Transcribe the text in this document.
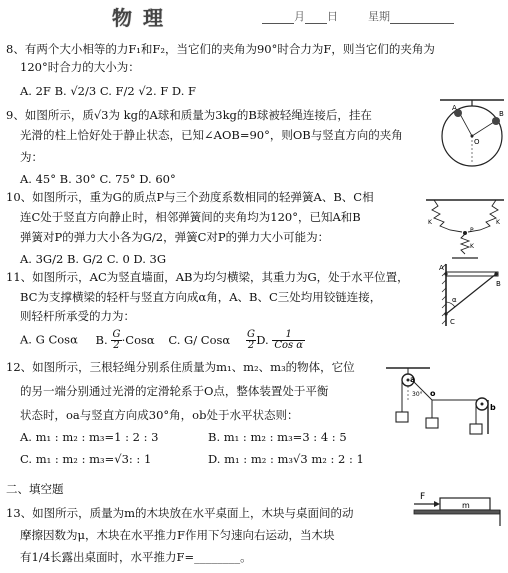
物 理	月 日	星期
8、有两个大小相等的力F₁和F₂，当它们的夹角为90°时合力为F，则当它们的夹角为
120°时合力的大小为：
A. 2F B. √2/3 C. F/2 √2. F D. F
9、如图所示，质√3为 kg的A球和质量为3kg的B球被轻绳连接后，挂在
光滑的柱上恰好处于静止状态，已知∠AOB=90°，则OB与竖直方向的夹角
为：
A. 45° B. 30° C. 75° D. 60°
A
B
O
10、如图所示，重为G的质点P与三个劲度系数相同的轻弹簧A、B、C相
连C处于竖直方向静止时，相邻弹簧间的夹角均为120°，已知A和B
弹簧对P的弹力大小各为G/2，弹簧C对P的弹力大小可能为：
A. 3G/2 B. G/2 C. 0 D. 3G
K	K
K
P
11、如图所示，AC为竖直墙面，AB为均匀横梁，其重力为G，处于水平位置，
BC为支撑横梁的轻杆与竖直方向成α角，A、B、C三处均用铰链连接，
则轻杆所承受的力为：
A. G Cosα B. $\frac{G}{2} \cdot Cos\alpha$ C. G/ Cosα $\frac{G}{2} D$. 1
Cos α
A
B
C
α
12、如图所示，三根轻绳分别系住质量为m₁、m₂、m₃的物体，它位
的另一端分别通过光滑的定滑轮系于O点，整体装置处于平衡
状态时，oa与竖直方向成30°角，ob处于水平状态则：
A. m₁ : m₂ : m₃=1 : 2 : 3	B. m₁ : m₂ : m₃=3 : 4 : 5
C. m₁ : m₂ : m₃=√3: : 1	D. m₁ : m₂ : m₃√3 m₂ : 2 : 1
a
30° o
b
二、填空题
13、如图所示，质量为m的木块放在水平桌面上，木块与桌面间的动
摩擦因数为μ，木块在水平推力F作用下匀速向右运动，当木块
有1/4长露出桌面时，水平推力F=________。
F
m
